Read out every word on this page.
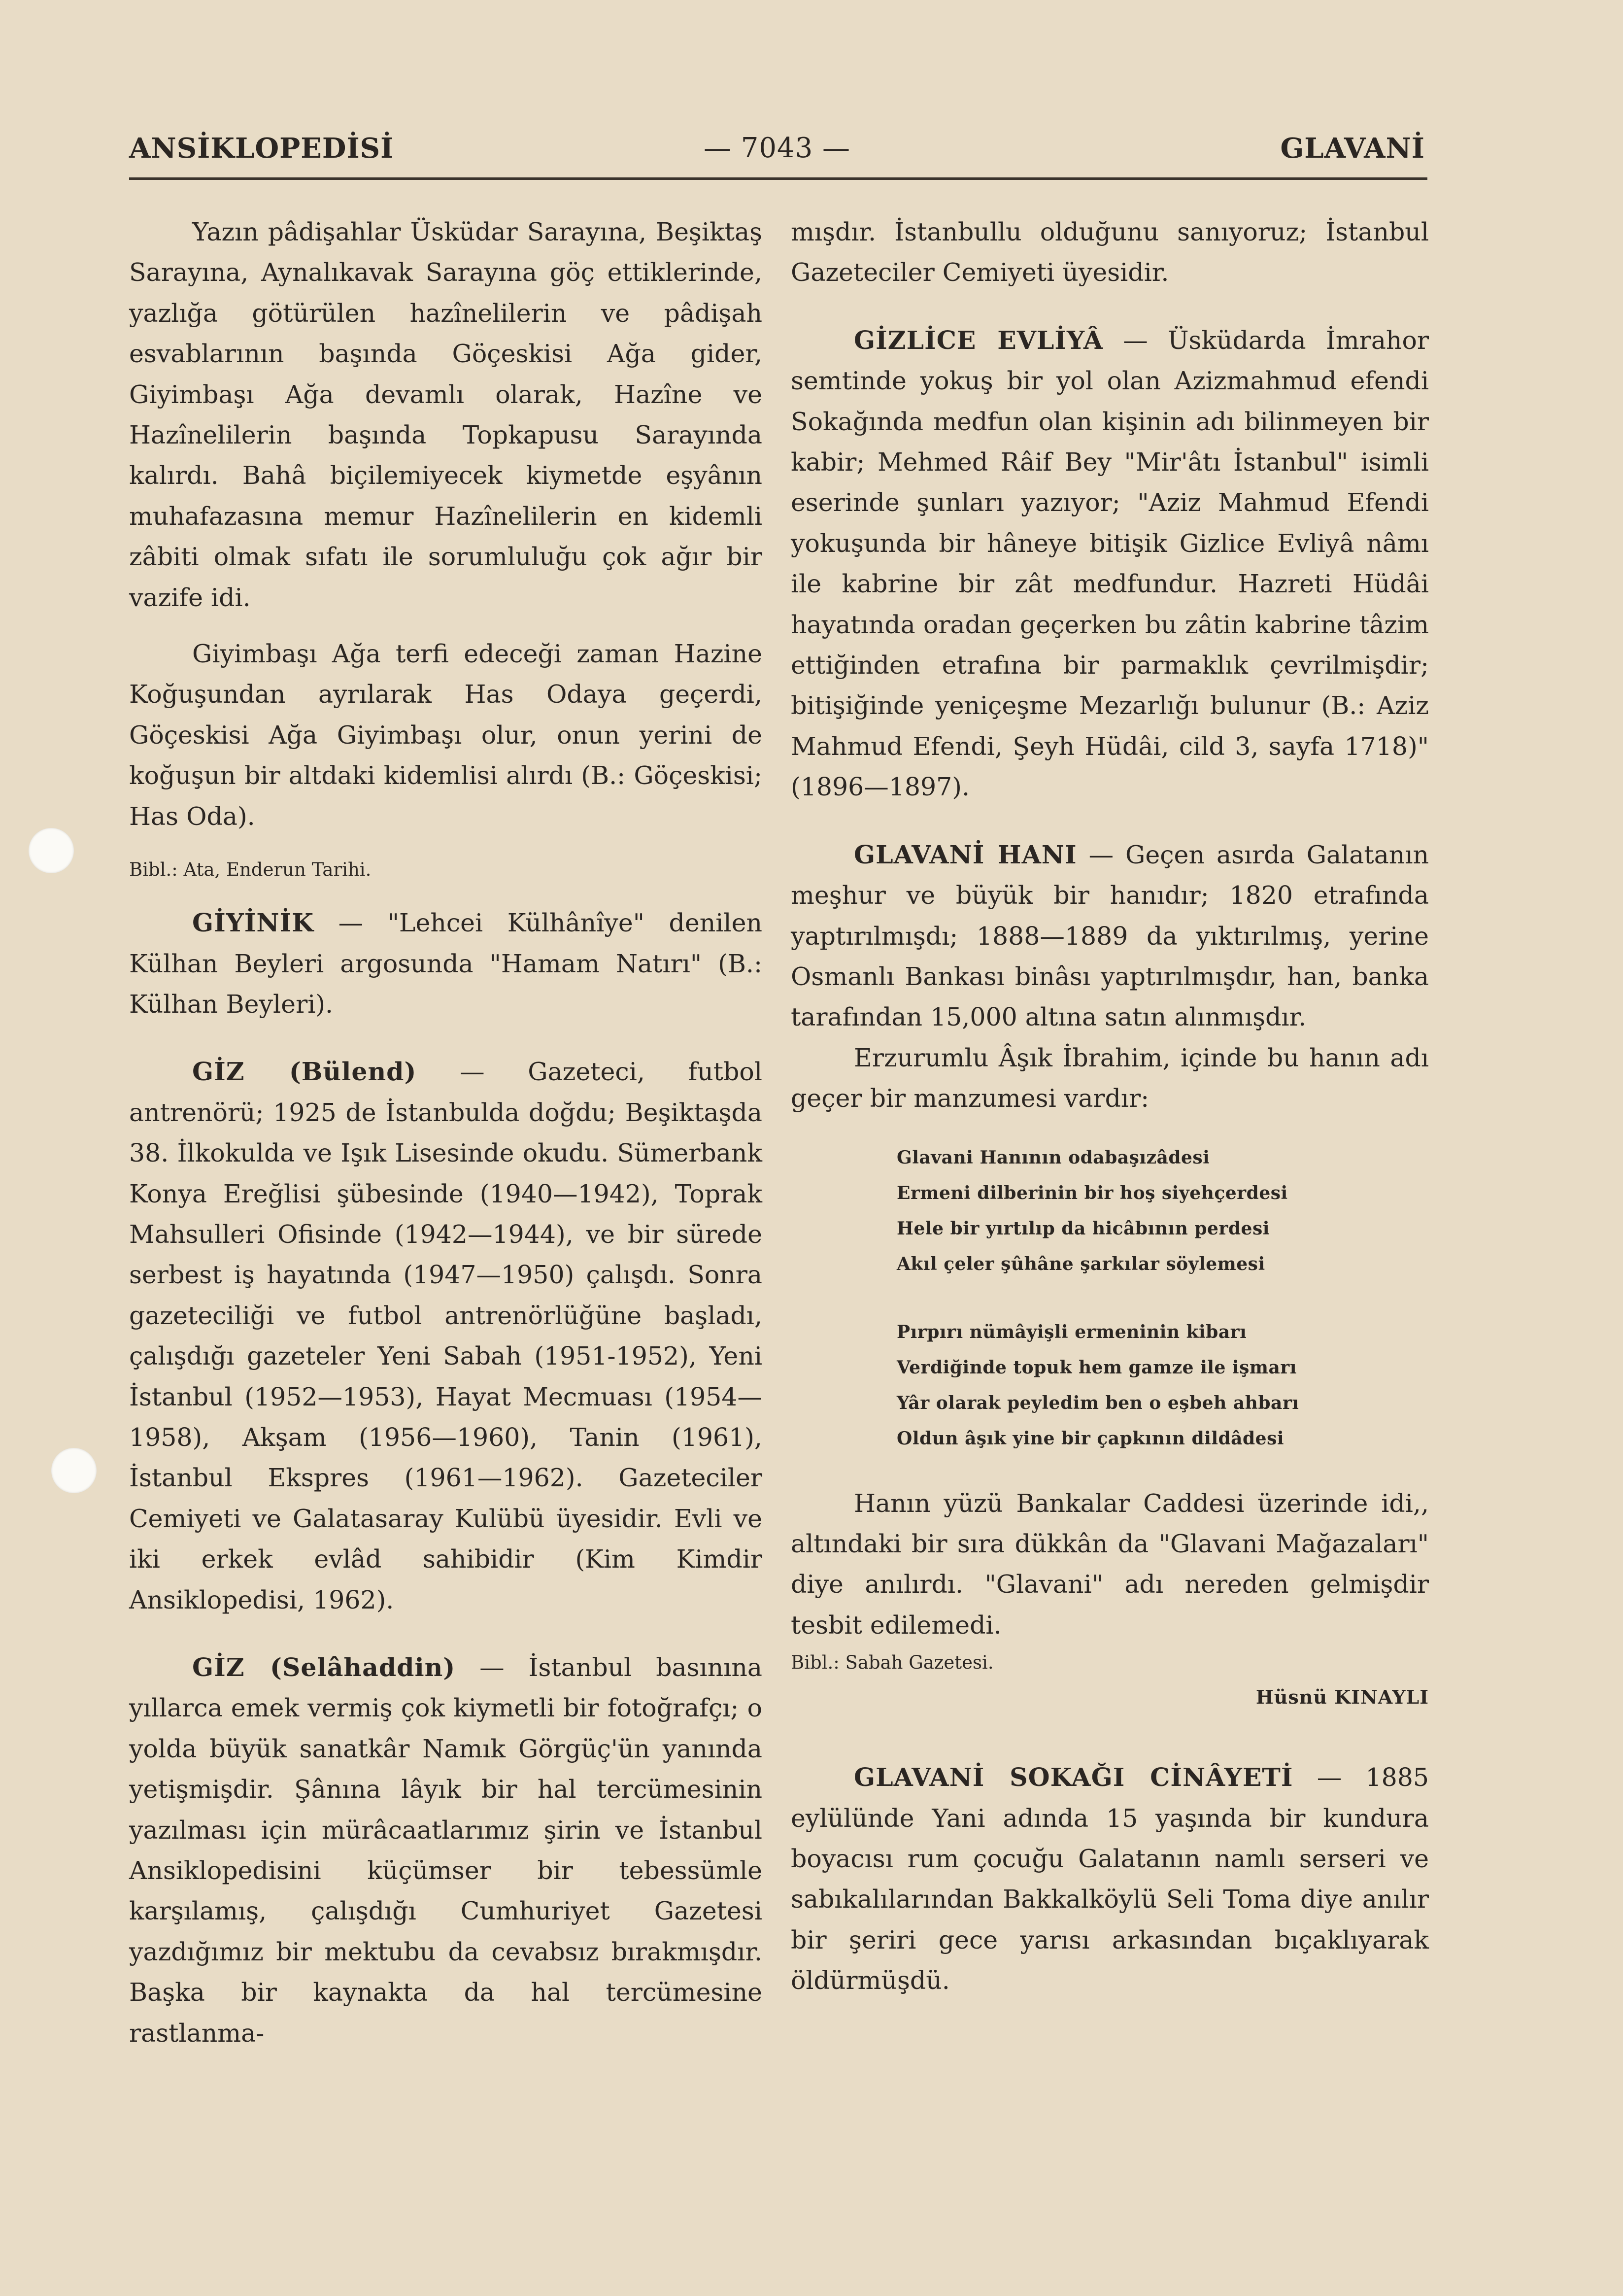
ANSİKLOPEDİSİ	— 7043 —	GLAVANİ

Yazın pâdişahlar Üsküdar Sarayına, Beşiktaş Sarayına, Aynalıkavak Sarayına göç ettiklerinde, yazlığa götürülen hazînelilerin ve pâdişah esvablarının başında Göçeskisi Ağa gider, Giyimbaşı Ağa devamlı olarak, Hazîne ve Hazînelilerin başında Topkapusu Sarayında kalırdı. Bahâ biçilemiyecek kiymetde eşyânın muhafazasına memur Hazînelilerin en kidemli zâbiti olmak sıfatı ile sorumluluğu çok ağır bir vazife idi.

Giyimbaşı Ağa terfi edeceği zaman Hazine Koğuşundan ayrılarak Has Odaya geçerdi, Göçeskisi Ağa Giyimbaşı olur, onun yerini de koğuşun bir altdaki kidemlisi alırdı (B.: Göçeskisi; Has Oda).

Bibl.: Ata, Enderun Tarihi.

GİYİNİK — "Lehcei Külhânîye" denilen Külhan Beyleri argosunda "Hamam Natırı" (B.: Külhan Beyleri).

GİZ (Bülend) — Gazeteci, futbol antrenörü; 1925 de İstanbulda doğdu; Beşiktaşda 38. İlkokulda ve Işık Lisesinde okudu. Sümerbank Konya Ereğlisi şübesinde (1940—1942), Toprak Mahsulleri Ofisinde (1942—1944), ve bir sürede serbest iş hayatında (1947—1950) çalışdı. Sonra gazeteciliği ve futbol antrenörlüğüne başladı, çalışdığı gazeteler Yeni Sabah (1951-1952), Yeni İstanbul (1952—1953), Hayat Mecmuası (1954—1958), Akşam (1956—1960), Tanin (1961), İstanbul Ekspres (1961—1962). Gazeteciler Cemiyeti ve Galatasaray Kulübü üyesidir. Evli ve iki erkek evlâd sahibidir (Kim Kimdir Ansiklopedisi, 1962).

GİZ (Selâhaddin) — İstanbul basınına yıllarca emek vermiş çok kiymetli bir fotoğrafçı; o yolda büyük sanatkâr Namık Görgüç'ün yanında yetişmişdir. Şânına lâyık bir hal tercümesinin yazılması için mürâcaatlarımız şirin ve İstanbul Ansiklopedisini küçümser bir tebessümle karşılamış, çalışdığı Cumhuriyet Gazetesi yazdığımız bir mektubu da cevabsız bırakmışdır. Başka bir kaynakta da hal tercümesine rastlanma-

mışdır. İstanbullu olduğunu sanıyoruz; İstanbul Gazeteciler Cemiyeti üyesidir.

GİZLİCE EVLİYÂ — Üsküdarda İmrahor semtinde yokuş bir yol olan Azizmahmud efendi Sokağında medfun olan kişinin adı bilinmeyen bir kabir; Mehmed Râif Bey "Mir'âtı İstanbul" isimli eserinde şunları yazıyor; "Aziz Mahmud Efendi yokuşunda bir hâneye bitişik Gizlice Evliyâ nâmı ile kabrine bir zât medfundur. Hazreti Hüdâi hayatında oradan geçerken bu zâtin kabrine tâzim ettiğinden etrafına bir parmaklık çevrilmişdir; bitişiğinde yeniçeşme Mezarlığı bulunur (B.: Aziz Mahmud Efendi, Şeyh Hüdâi, cild 3, sayfa 1718)" (1896—1897).

GLAVANİ HANI — Geçen asırda Galatanın meşhur ve büyük bir hanıdır; 1820 etrafında yaptırılmışdı; 1888—1889 da yıktırılmış, yerine Osmanlı Bankası binâsı yaptırılmışdır, han, banka tarafından 15,000 altına satın alınmışdır.

Erzurumlu Âşık İbrahim, içinde bu hanın adı geçer bir manzumesi vardır:

Glavani Hanının odabaşızâdesi
Ermeni dilberinin bir hoş siyehçerdesi
Hele bir yırtılıp da hicâbının perdesi
Akıl çeler şûhâne şarkılar söylemesi
Pırpırı nümâyişli ermeninin kibarı
Verdiğinde topuk hem gamze ile işmarı
Yâr olarak peyledim ben o eşbeh ahbarı
Oldun âşık yine bir çapkının dildâdesi

Hanın yüzü Bankalar Caddesi üzerinde idi,, altındaki bir sıra dükkân da "Glavani Mağazaları" diye anılırdı. "Glavani" adı nereden gelmişdir tesbit edilemedi.

Bibl.: Sabah Gazetesi.

Hüsnü KINAYLI

GLAVANİ SOKAĞI CİNÂYETİ — 1885 eylülünde Yani adında 15 yaşında bir kundura boyacısı rum çocuğu Galatanın namlı serseri ve sabıkalılarından Bakkalköylü Seli Toma diye anılır bir şeriri gece yarısı arkasından bıçaklıyarak öldürmüşdü.
